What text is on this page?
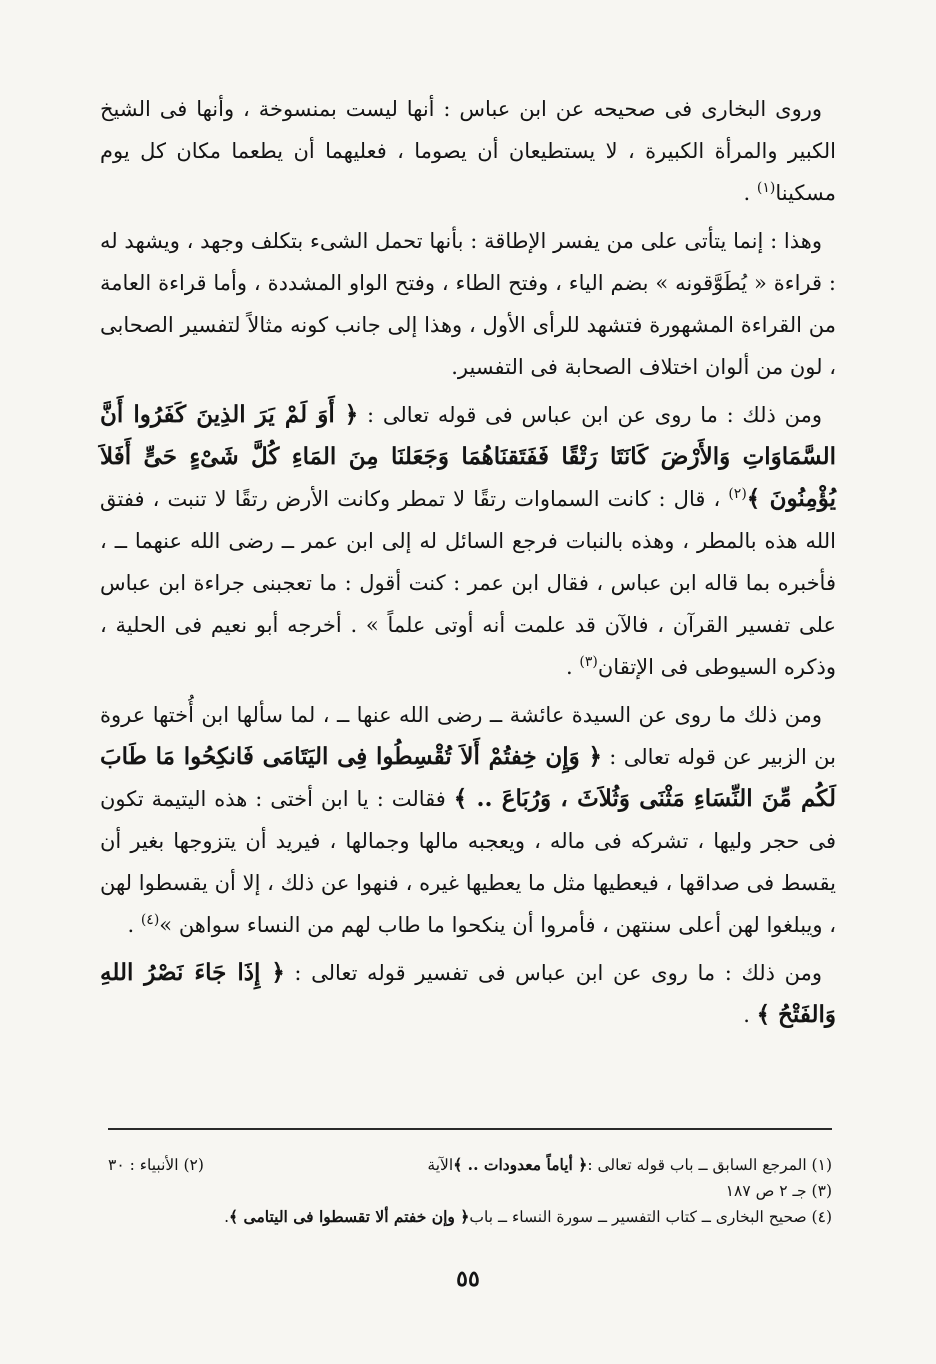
وروى البخارى فى صحيحه عن ابن عباس : أنها ليست بمنسوخة ، وأنها فى الشيخ الكبير والمرأة الكبيرة ، لا يستطيعان أن يصوما ، فعليهما أن يطعما مكان كل يوم مسكينا$^{(١)}$ .

وهذا : إنما يتأتى على من يفسر الإطاقة : بأنها تحمل الشىء بتكلف وجهد ، ويشهد له : قراءة « يُطَوَّقونه » بضم الياء ، وفتح الطاء ، وفتح الواو المشددة ، وأما قراءة العامة من القراءة المشهورة فتشهد للرأى الأول ، وهذا إلى جانب كونه مثالاً لتفسير الصحابى ، لون من ألوان اختلاف الصحابة فى التفسير.

ومن ذلك : ما روى عن ابن عباس فى قوله تعالى : ﴿ أَوَ لَمْ يَرَ الذِينَ كَفَرُوا أَنَّ السَّمَاوَاتِ وَالأَرْضَ كَانَتَا رَتْقًا فَفَتَقنَاهُمَا وَجَعَلنَا مِنَ المَاءِ كُلَّ شَىْءٍ حَىٍّ أَفَلاَ يُؤْمِنُونَ ﴾$^{(٢)}$ ، قال : كانت السماوات رتقًا لا تمطر وكانت الأرض رتقًا لا تنبت ، ففتق الله هذه بالمطر ، وهذه بالنبات فرجع السائل له إلى ابن عمر ــ رضى الله عنهما ــ ، فأخبره بما قاله ابن عباس ، فقال ابن عمر : كنت أقول : ما تعجبنى جراءة ابن عباس على تفسير القرآن ، فالآن قد علمت أنه أوتى علماً » . أخرجه أبو نعيم فى الحلية ، وذكره السيوطى فى الإتقان$^{(٣)}$ .

ومن ذلك ما روى عن السيدة عائشة ــ رضى الله عنها ــ ، لما سألها ابن أُختها عروة بن الزبير عن قوله تعالى : ﴿ وَإِن خِفتُمْ أَلاَ تُقْسِطُوا فِى اليَتَامَى فَانكِحُوا مَا طَابَ لَكُم مِّنَ النِّسَاءِ مَثْنَى وَثُلاَثَ ، وَرُبَاعَ .. ﴾ فقالت : يا ابن أختى : هذه اليتيمة تكون فى حجر وليها ، تشركه فى ماله ، ويعجبه مالها وجمالها ، فيريد أن يتزوجها بغير أن يقسط فى صداقها ، فيعطيها مثل ما يعطيها غيره ، فنهوا عن ذلك ، إلا أن يقسطوا لهن ، ويبلغوا لهن أعلى سنتهن ، فأمروا أن ينكحوا ما طاب لهم من النساء سواهن »$^{(٤)}$ .

ومن ذلك : ما روى عن ابن عباس فى تفسير قوله تعالى : ﴿ إِذَا جَاءَ نَصْرُ اللهِ وَالفَتْحُ ﴾ .

(١) المرجع السابق ــ باب قوله تعالى :﴿ أياماً معدودات .. ﴾الآية
(٢) الأنبياء : ٣٠
(٣) جـ ٢ ص ١٨٧
(٤) صحيح البخارى ــ كتاب التفسير ــ سورة النساء ــ باب﴿ وإن خفتم ألا تقسطوا فى اليتامى ﴾.
٥٥
